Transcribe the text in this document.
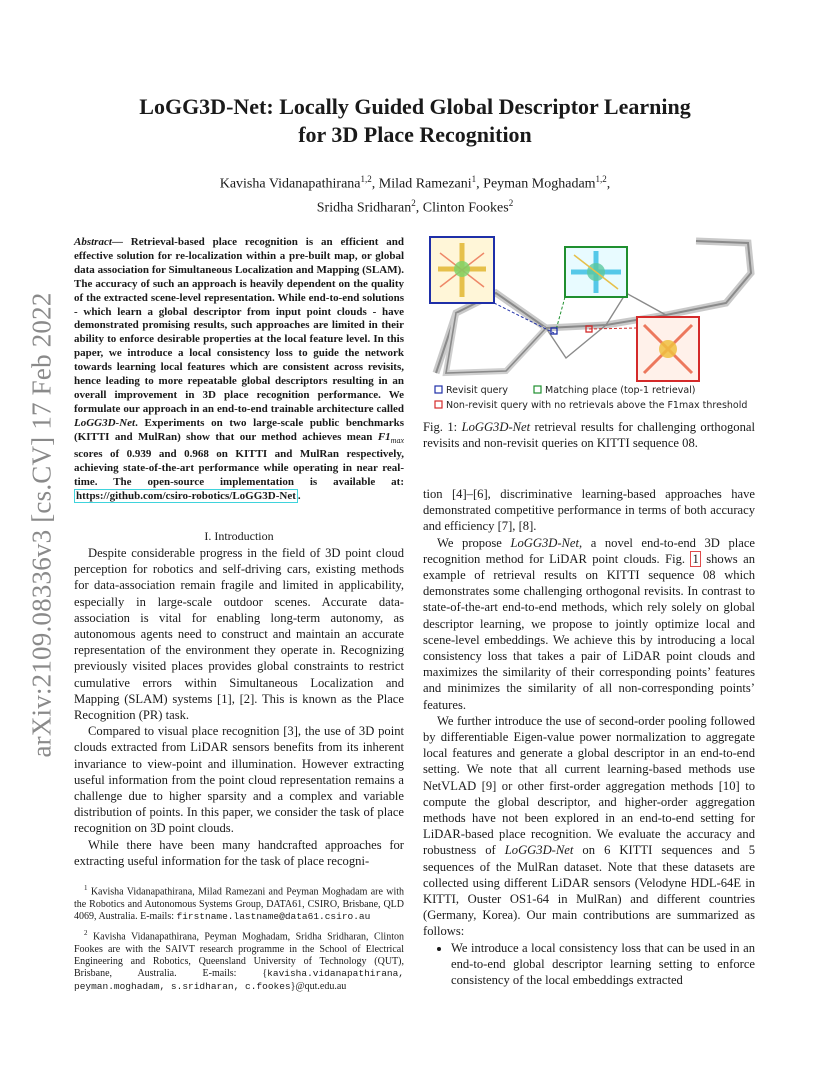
arXiv:2109.08336v3 [cs.CV] 17 Feb 2022
LoGG3D-Net: Locally Guided Global Descriptor Learning
for 3D Place Recognition
Kavisha Vidanapathirana$^{1,2}$, Milad Ramezani$^1$, Peyman Moghadam$^{1,2}$,
Sridha Sridharan$^2$, Clinton Fookes$^2$
Abstract— Retrieval-based place recognition is an efficient and effective solution for re-localization within a pre-built map, or global data association for Simultaneous Localization and Mapping (SLAM). The accuracy of such an approach is heavily dependent on the quality of the extracted scene-level representation. While end-to-end solutions - which learn a global descriptor from input point clouds - have demonstrated promising results, such approaches are limited in their ability to enforce desirable properties at the local feature level. In this paper, we introduce a local consistency loss to guide the network towards learning local features which are consistent across revisits, hence leading to more repeatable global descriptors resulting in an overall improvement in 3D place recognition performance. We formulate our approach in an end-to-end trainable architecture called LoGG3D-Net. Experiments on two large-scale public benchmarks (KITTI and MulRan) show that our method achieves mean $F1_{max}$ scores of 0.939 and 0.968 on KITTI and MulRan respectively, achieving state-of-the-art performance while operating in near real-time. The open-source implementation is available at: https://github.com/csiro-robotics/LoGG3D-Net .
I. Introduction

Despite considerable progress in the field of 3D point cloud perception for robotics and self-driving cars, existing methods for data-association remain fragile and limited in applicability, especially in large-scale outdoor scenes. Accurate data-association is vital for enabling long-term autonomy, as autonomous agents need to construct and maintain an accurate representation of the environment they operate in. Recognizing previously visited places provides global constraints to restrict cumulative errors within Simultaneous Localization and Mapping (SLAM) systems [1], [2]. This is known as the Place Recognition (PR) task.

Compared to visual place recognition [3], the use of 3D point clouds extracted from LiDAR sensors benefits from its inherent invariance to view-point and illumination. However extracting useful information from the point cloud representation remains a challenge due to higher sparsity and a complex and variable distribution of points. In this paper, we consider the task of place recognition on 3D point clouds.

While there have been many handcrafted approaches for extracting useful information for the task of place recogni-

$^1$ Kavisha Vidanapathirana, Milad Ramezani and Peyman Moghadam are with the Robotics and Autonomous Systems Group, DATA61, CSIRO, Brisbane, QLD 4069, Australia. E-mails: firstname.lastname@data61.csiro.au

$^2$ Kavisha Vidanapathirana, Peyman Moghadam, Sridha Sridharan, Clinton Fookes are with the SAIVT research programme in the School of Electrical Engineering and Robotics, Queensland University of Technology (QUT), Brisbane, Australia. E-mails: {kavisha.vidanapathirana, peyman.moghadam, s.sridharan, c.fookes}@qut.edu.au

Revisit query	Matching place (top-1 retrieval)
Non-revisit query with no retrievals above the F1max threshold
Fig. 1: LoGG3D-Net retrieval results for challenging orthogonal revisits and non-revisit queries on KITTI sequence 08.

tion [4]–[6], discriminative learning-based approaches have demonstrated competitive performance in terms of both accuracy and efficiency [7], [8].

We propose LoGG3D-Net, a novel end-to-end 3D place recognition method for LiDAR point clouds. Fig. 1 shows an example of retrieval results on KITTI sequence 08 which demonstrates some challenging orthogonal revisits. In contrast to state-of-the-art end-to-end methods, which rely solely on global descriptor learning, we propose to jointly optimize local and scene-level embeddings. We achieve this by introducing a local consistency loss that takes a pair of LiDAR point clouds and maximizes the similarity of their corresponding points’ features and minimizes the similarity of all non-corresponding points’ features.

We further introduce the use of second-order pooling followed by differentiable Eigen-value power normalization to aggregate local features and generate a global descriptor in an end-to-end setting. We note that all current learning-based methods use NetVLAD [9] or other first-order aggregation methods [10] to compute the global descriptor, and higher-order aggregation methods have not been explored in an end-to-end setting for LiDAR-based place recognition. We evaluate the accuracy and robustness of LoGG3D-Net on 6 KITTI sequences and 5 sequences of the MulRan dataset. Note that these datasets are collected using different LiDAR sensors (Velodyne HDL-64E in KITTI, Ouster OS1-64 in MulRan) and different countries (Germany, Korea). Our main contributions are summarized as follows:

• We introduce a local consistency loss that can be used in an end-to-end global descriptor learning setting to enforce consistency of the local embeddings extracted
